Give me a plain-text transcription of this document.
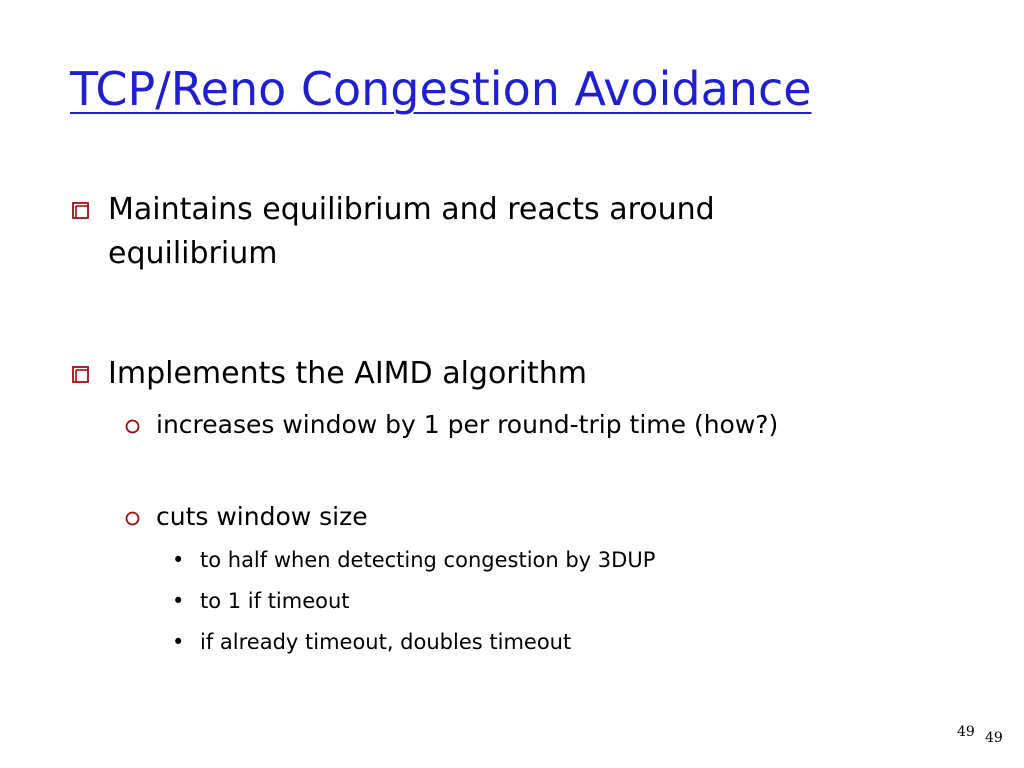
TCP/Reno Congestion Avoidance
Maintains equilibrium and reacts around equilibrium
Implements the AIMD algorithm
increases window by 1 per round-trip time (how?)
cuts window size
• to half when detecting congestion by 3DUP
• to 1 if timeout
• if already timeout, doubles timeout
49 49
